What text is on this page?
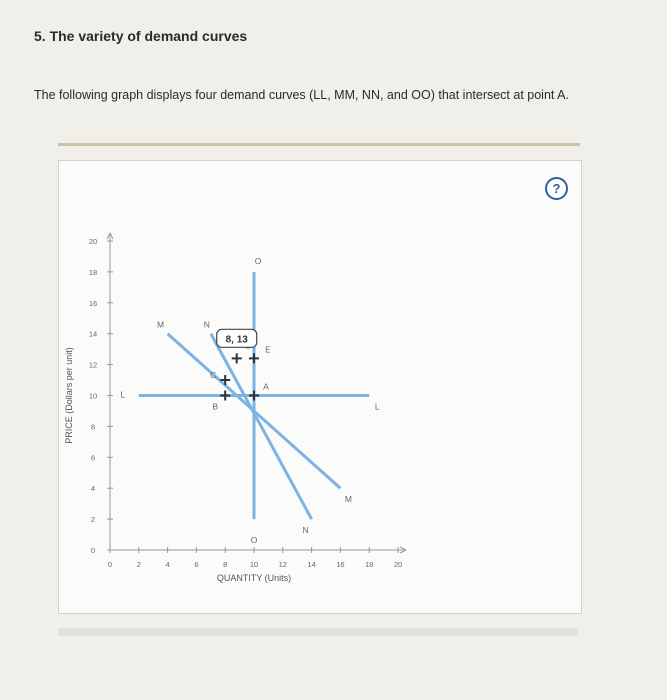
5. The variety of demand curves
The following graph displays four demand curves (LL, MM, NN, and OO) that intersect at point A.
?
0	2	4	6	8	10	12	14	16	18	20
0
2
4
6
8
10
12
14
16
18
20
L
L
M
M
N
N
O
O
A
B
C
E
8, 13
QUANTITY (Units)
PRICE (Dollars per unit)
